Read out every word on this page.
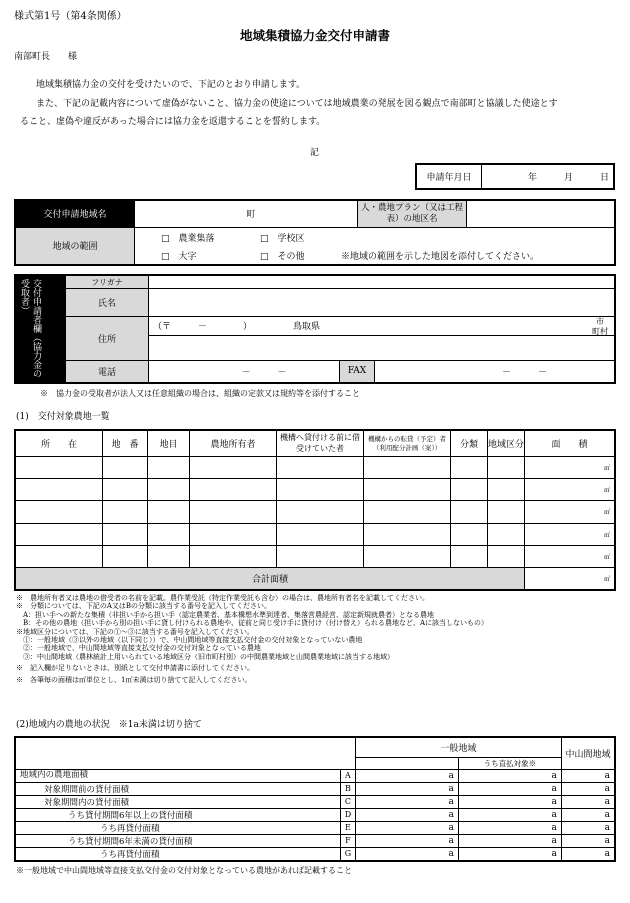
様式第1号（第4条関係）
地域集積協力金交付申請書
南部町長　　様
地域集積協力金の交付を受けたいので、下記のとおり申請します。
また、下記の記載内容について虚偽がないこと、協力金の使途については地域農業の発展を図る観点で南部町と協議した使途とす
ること、虚偽や違反があった場合には協力金を返還することを誓約します。
記
申請年月日	年　　　月　　　日
交付申請地域名	町	人・農地プラン（又は工程表）の地区名	
地域の範囲	□　農業集落 □　学校区
□　大字 □　その他 ※地域の範囲を示した地図を添付してください。		
交付申請者欄（協力金の受取者）	フリガナ			
氏名			
住所	（〒　　　－　　　　） 鳥取県
市
町村		

電話	－　　　－	FAX	－　　　－
※　協力金の受取者が法人又は任意組織の場合は、組織の定款又は規約等を添付すること
(1)　交付対象農地一覧
所　　在	地　番	地目	農地所有者	機構へ貸付ける前に借受けていた者	機構からの転貸（予定）者（利用配分計画（案））	分類	地域区分	面　　積
								㎡
								㎡
								㎡
								㎡
								㎡
合計面積								㎡
※　農地所有者又は農地の借受者の名前を記載。農作業受託（特定作業受託も含む）の場合は、農地所有者名を記載してください。
※　分類については、下記のA又はBの分類に該当する番号を記入してください。
　A：担い手への新たな集積（非担い手から担い手（認定農業者、基本構想水準到達者、集落営農経営、認定新規就農者）となる農地
　B：その他の農地（担い手から別の担い手に貸し付けられる農地や、従前と同じ受け手に貸付け（付け替え）られる農地など、Aに該当しないもの）
※地域区分については、下記の①～③に該当する番号を記入してください。
　①：一般地域（③以外の地域（以下同じ））で、中山間地域等直接支払交付金の交付対象となっていない農地
　②：一般地域で、中山間地域等直接支払交付金の交付対象となっている農地
　③：中山間地域（農林統計上用いられている地域区分（旧市町村別）の中間農業地域と山間農業地域に該当する地域）
※　記入欄が足りないときは、別紙として交付申請書に添付してください。
※　各筆毎の面積は㎡単位とし、1㎡未満は切り捨てて記入してください。
(2)地域内の農地の状況　※1a未満は切り捨て
		一般地域		中山間地域
			うち直払対象※	
地域内の農地面積	A	a	a	a
対象期間前の貸付面積	B	a	a	a
対象期間内の貸付面積	C	a	a	a
うち貸付期間6年以上の貸付面積	D	a	a	a
うち再貸付面積	E	a	a	a
うち貸付期間6年未満の貸付面積	F	a	a	a
うち再貸付面積	G	a	a	a
※一般地域で中山間地域等直接支払交付金の交付対象となっている農地があれば記載すること
